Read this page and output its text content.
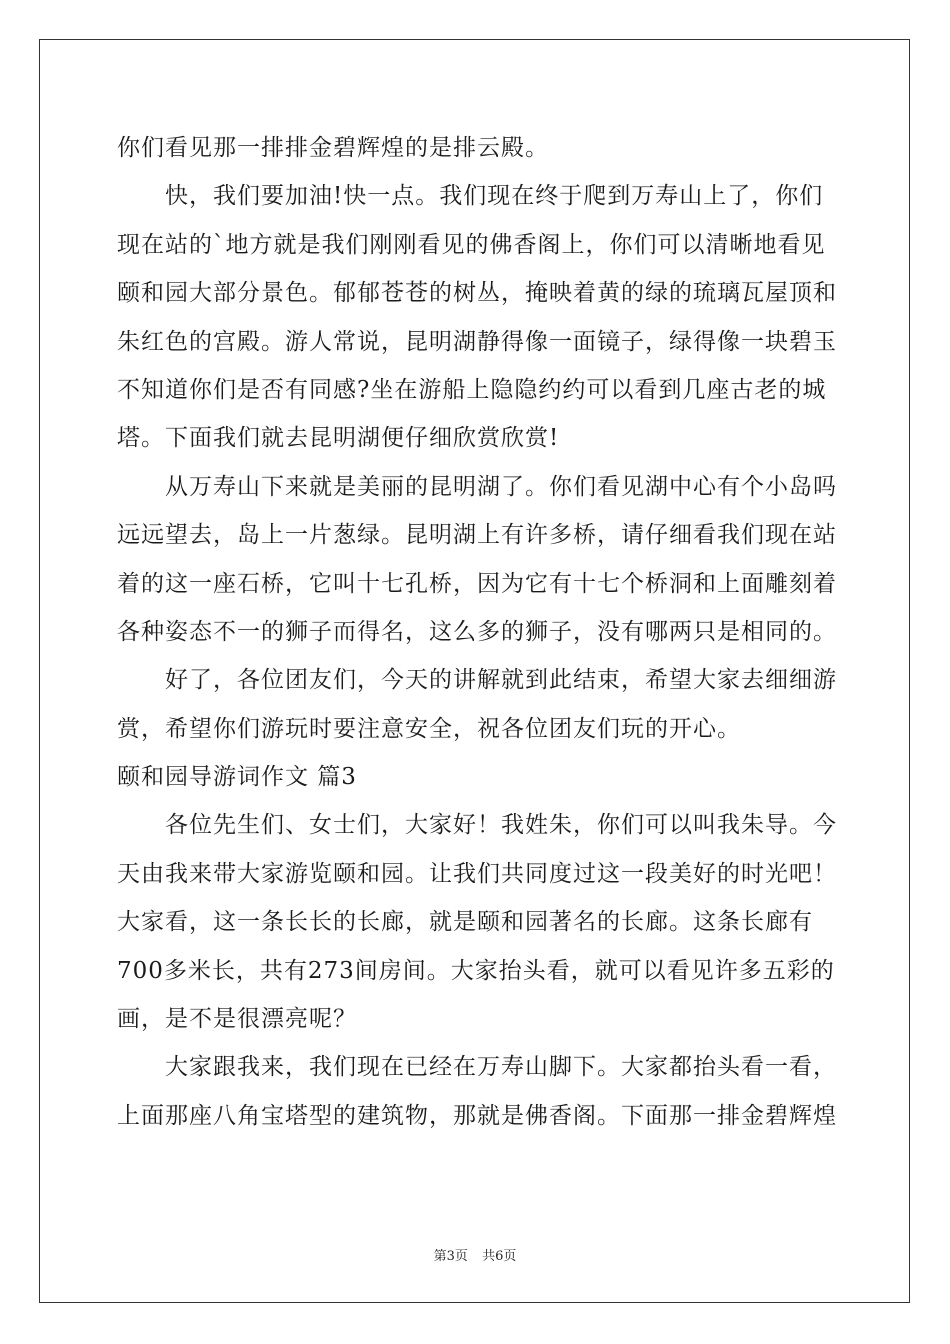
你们看见那一排排金碧辉煌的是排云殿。
快，我们要加油!快一点。我们现在终于爬到万寿山上了，你们
现在站的`地方就是我们刚刚看见的佛香阁上，你们可以清晰地看见
颐和园大部分景色。郁郁苍苍的树丛，掩映着黄的绿的琉璃瓦屋顶和
朱红色的宫殿。游人常说，昆明湖静得像一面镜子，绿得像一块碧玉
不知道你们是否有同感?坐在游船上隐隐约约可以看到几座古老的城
塔。下面我们就去昆明湖便仔细欣赏欣赏!
从万寿山下来就是美丽的昆明湖了。你们看见湖中心有个小岛吗
远远望去，岛上一片葱绿。昆明湖上有许多桥，请仔细看我们现在站
着的这一座石桥，它叫十七孔桥，因为它有十七个桥洞和上面雕刻着
各种姿态不一的狮子而得名，这么多的狮子，没有哪两只是相同的。
好了，各位团友们，今天的讲解就到此结束，希望大家去细细游
赏，希望你们游玩时要注意安全，祝各位团友们玩的开心。
颐和园导游词作文 篇3
各位先生们、女士们，大家好！我姓朱，你们可以叫我朱导。今
天由我来带大家游览颐和园。让我们共同度过这一段美好的时光吧！
大家看，这一条长长的长廊，就是颐和园著名的长廊。这条长廊有
700多米长，共有273间房间。大家抬头看，就可以看见许多五彩的
画，是不是很漂亮呢？
大家跟我来，我们现在已经在万寿山脚下。大家都抬头看一看，
上面那座八角宝塔型的建筑物，那就是佛香阁。下面那一排金碧辉煌
第3页 共6页
